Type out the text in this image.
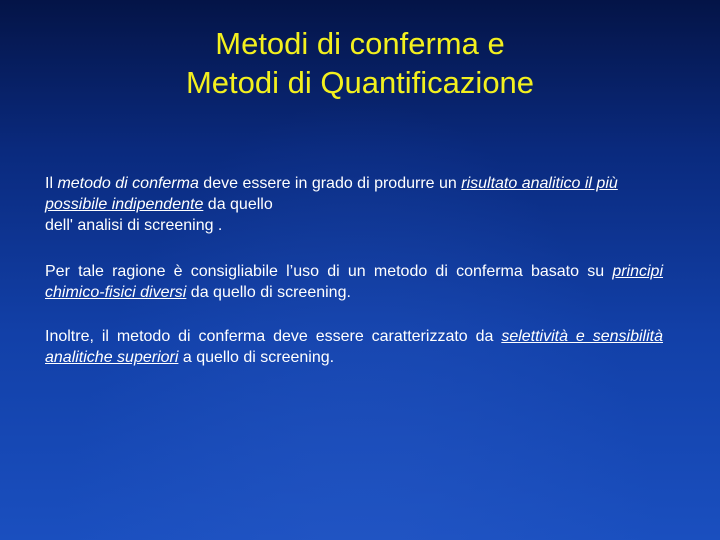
Metodi di conferma e
Metodi di Quantificazione

Il metodo di conferma deve essere in grado di produrre un risultato analitico il più possibile indipendente da quello
dell' analisi di screening .

Per tale ragione è consigliabile l’uso di un metodo di conferma basato su principi chimico-fisici diversi da quello di screening.

Inoltre, il metodo di conferma deve essere caratterizzato da selettività e sensibilità analitiche superiori a quello di screening.
